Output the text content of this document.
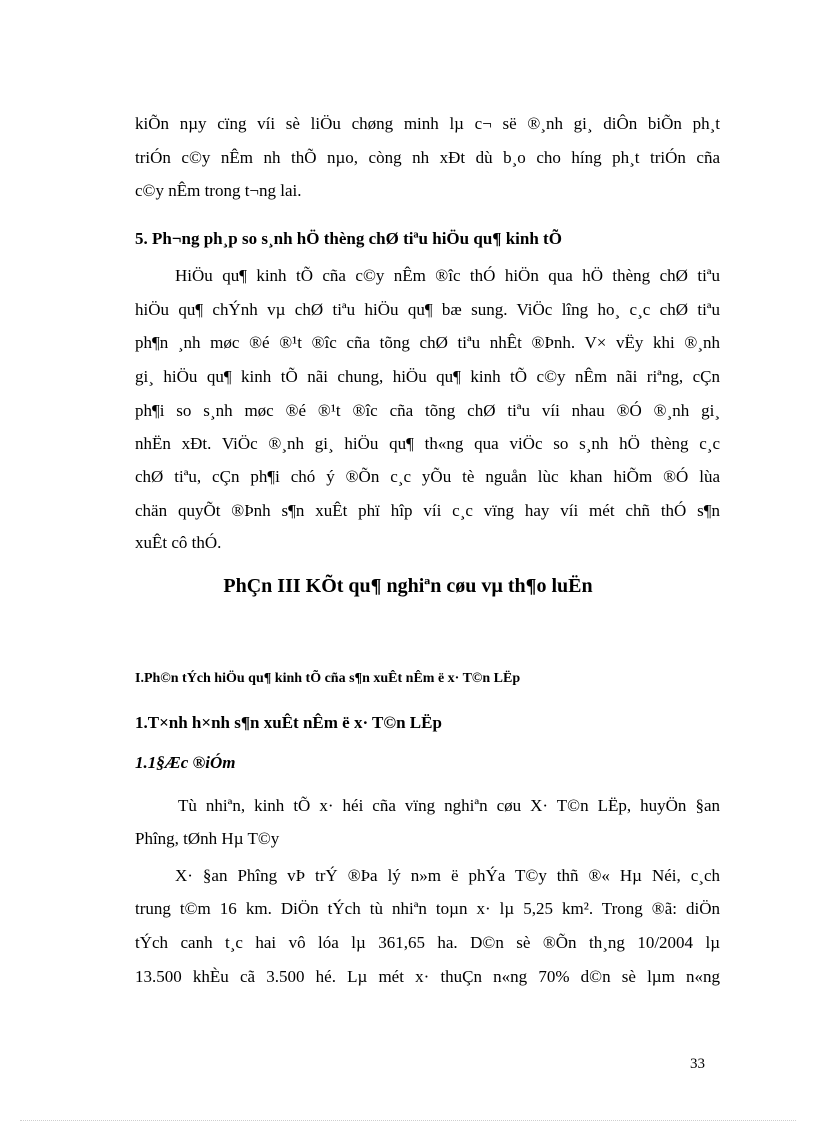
kiÕn nµy cïng víi sè liÖu chøng minh lµ c¬ së ®¸nh gi¸ diÔn biÕn ph¸t
triÓn c©y nÊm nh thÕ nµo, còng nh xÐt dù b¸o cho híng ph¸t triÓn cña
c©y nÊm trong t¬ng lai.
5. Ph¬ng ph¸p so s¸nh hÖ thèng chØ tiªu hiÖu qu¶ kinh tÕ
HiÖu qu¶ kinh tÕ cña c©y nÊm ®îc thÓ hiÖn qua hÖ thèng chØ tiªu
hiÖu qu¶ chÝnh vµ chØ tiªu hiÖu qu¶ bæ sung. ViÖc lîng ho¸ c¸c chØ tiªu
ph¶n ¸nh møc ®é ®¹t ®îc cña tõng chØ tiªu nhÊt ®Þnh. V× vËy khi ®¸nh
gi¸ hiÖu qu¶ kinh tÕ nãi chung, hiÖu qu¶ kinh tÕ c©y nÊm nãi riªng, cÇn
ph¶i so s¸nh møc ®é ®¹t ®îc cña tõng chØ tiªu víi nhau ®Ó ®¸nh gi¸
nhËn xÐt. ViÖc ®¸nh gi¸ hiÖu qu¶ th«ng qua viÖc so s¸nh hÖ thèng c¸c
chØ tiªu, cÇn ph¶i chó ý ®Õn c¸c yÕu tè nguån lùc khan hiÕm ®Ó lùa
chän quyÕt ®Þnh s¶n xuÊt phï hîp víi c¸c vïng hay víi mét chñ thÓ s¶n
xuÊt cô thÓ.
PhÇn III KÕt qu¶ nghiªn cøu vµ th¶o luËn
I.Ph©n tÝch hiÖu qu¶ kinh tÕ cña s¶n xuÊt nÊm ë x· T©n LËp
1.T×nh h×nh s¶n xuÊt nÊm ë x· T©n LËp
1.1§Æc ®iÓm
Tù nhiªn, kinh tÕ x· héi cña vïng nghiªn cøu X· T©n LËp, huyÖn §an
Phîng, tØnh Hµ T©y
X· §an Phîng vÞ trÝ ®Þa lý n»m ë phÝa T©y thñ ®« Hµ Néi, c¸ch
trung t©m 16 km. DiÖn tÝch tù nhiªn toµn x· lµ 5,25 km². Trong ®ã: diÖn
tÝch canh t¸c hai vô lóa lµ 361,65 ha. D©n sè ®Õn th¸ng 10/2004 lµ
13.500 khÈu cã 3.500 hé. Lµ mét x· thuÇn n«ng 70% d©n sè lµm n«ng
33
